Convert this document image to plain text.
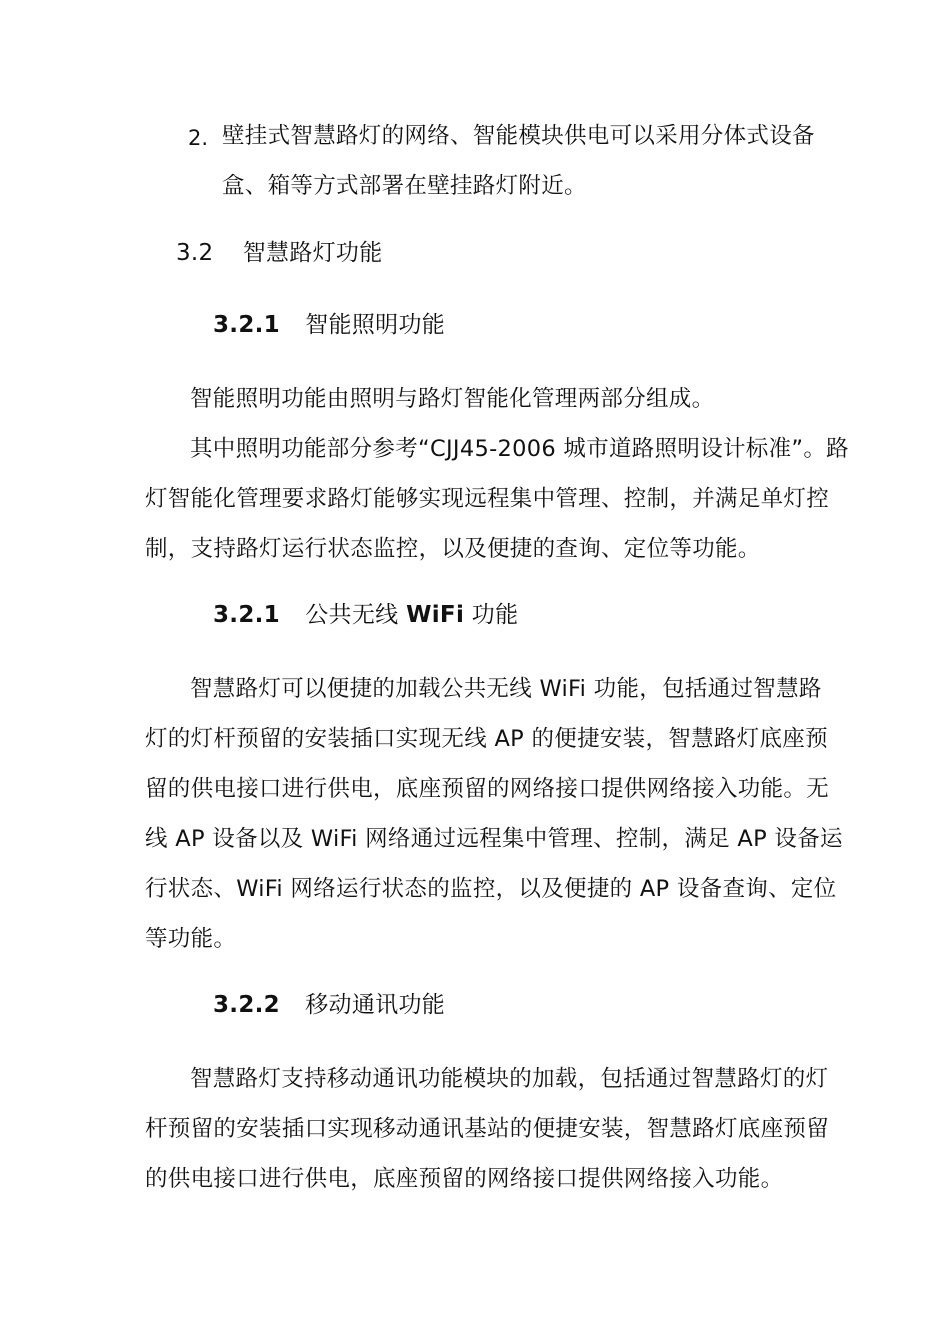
2. 壁挂式智慧路灯的网络、智能模块供电可以采用分体式设备
盒、箱等方式部署在壁挂路灯附近。
3.2 智慧路灯功能
3.2.1 智能照明功能
智能照明功能由照明与路灯智能化管理两部分组成。
其中照明功能部分参考“CJJ45-2006 城市道路照明设计标准”。路
灯智能化管理要求路灯能够实现远程集中管理、控制，并满足单灯控
制，支持路灯运行状态监控，以及便捷的查询、定位等功能。
3.2.1 公共无线 WiFi 功能
智慧路灯可以便捷的加载公共无线 WiFi 功能，包括通过智慧路
灯的灯杆预留的安装插口实现无线 AP 的便捷安装，智慧路灯底座预
留的供电接口进行供电，底座预留的网络接口提供网络接入功能。无
线 AP 设备以及 WiFi 网络通过远程集中管理、控制，满足 AP 设备运
行状态、WiFi 网络运行状态的监控，以及便捷的 AP 设备查询、定位
等功能。
3.2.2 移动通讯功能
智慧路灯支持移动通讯功能模块的加载，包括通过智慧路灯的灯
杆预留的安装插口实现移动通讯基站的便捷安装，智慧路灯底座预留
的供电接口进行供电，底座预留的网络接口提供网络接入功能。
